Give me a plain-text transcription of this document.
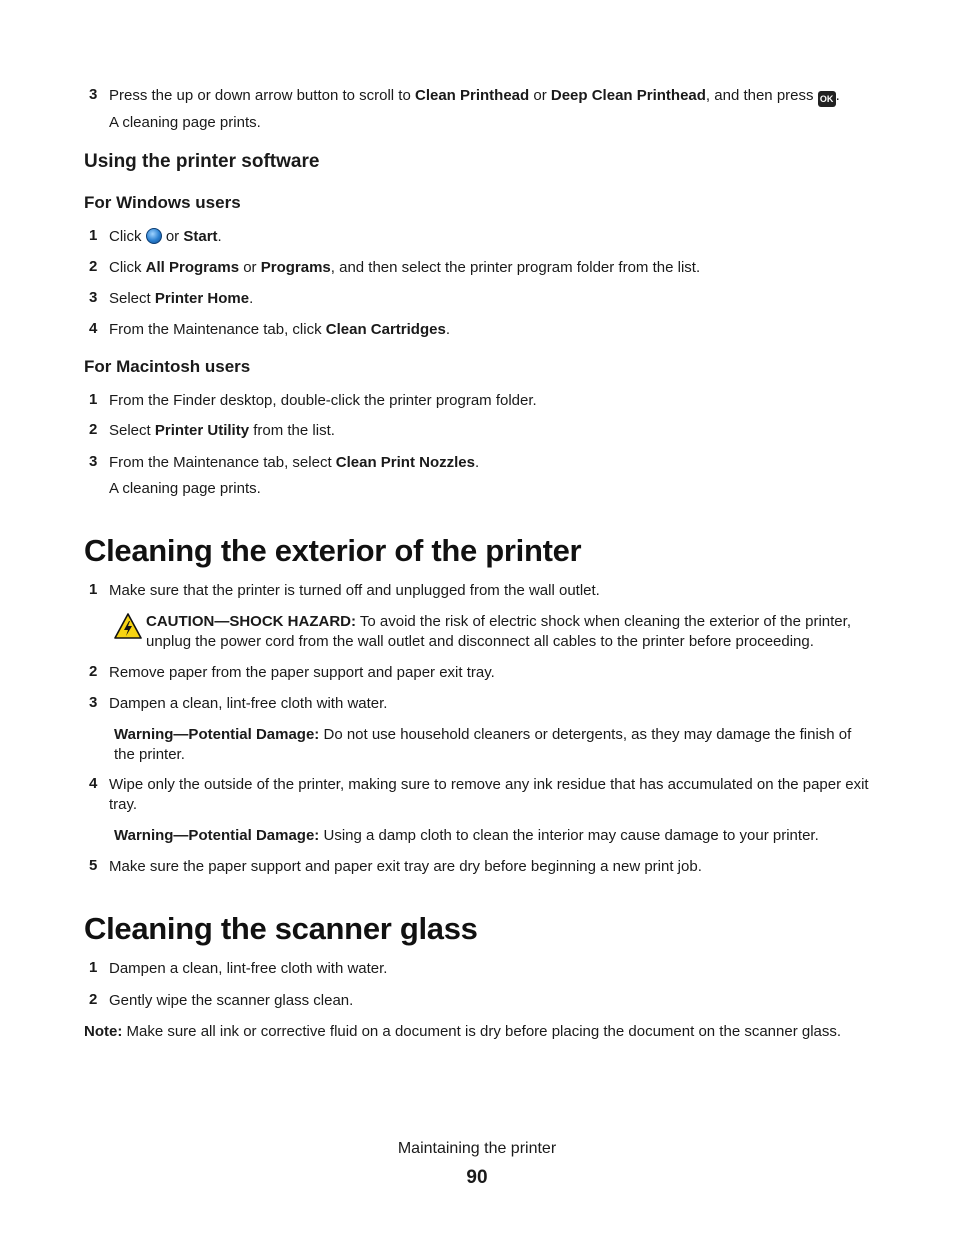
3 Press the up or down arrow button to scroll to Clean Printhead or Deep Clean Printhead, and then press OK .
A cleaning page prints.
Using the printer software
For Windows users
1 Click  or Start.
2 Click All Programs or Programs, and then select the printer program folder from the list.
3 Select Printer Home.
4 From the Maintenance tab, click Clean Cartridges.
For Macintosh users
1 From the Finder desktop, double-click the printer program folder.
2 Select Printer Utility from the list.
3 From the Maintenance tab, select Clean Print Nozzles.
A cleaning page prints.
Cleaning the exterior of the printer
1 Make sure that the printer is turned off and unplugged from the wall outlet.
CAUTION—SHOCK HAZARD: To avoid the risk of electric shock when cleaning the exterior of the printer, unplug the power cord from the wall outlet and disconnect all cables to the printer before proceeding.
2 Remove paper from the paper support and paper exit tray.
3 Dampen a clean, lint-free cloth with water.
Warning—Potential Damage: Do not use household cleaners or detergents, as they may damage the finish of the printer.
4 Wipe only the outside of the printer, making sure to remove any ink residue that has accumulated on the paper exit tray.
Warning—Potential Damage: Using a damp cloth to clean the interior may cause damage to your printer.
5 Make sure the paper support and paper exit tray are dry before beginning a new print job.
Cleaning the scanner glass
1 Dampen a clean, lint-free cloth with water.
2 Gently wipe the scanner glass clean.
Note: Make sure all ink or corrective fluid on a document is dry before placing the document on the scanner glass.
Maintaining the printer
90
